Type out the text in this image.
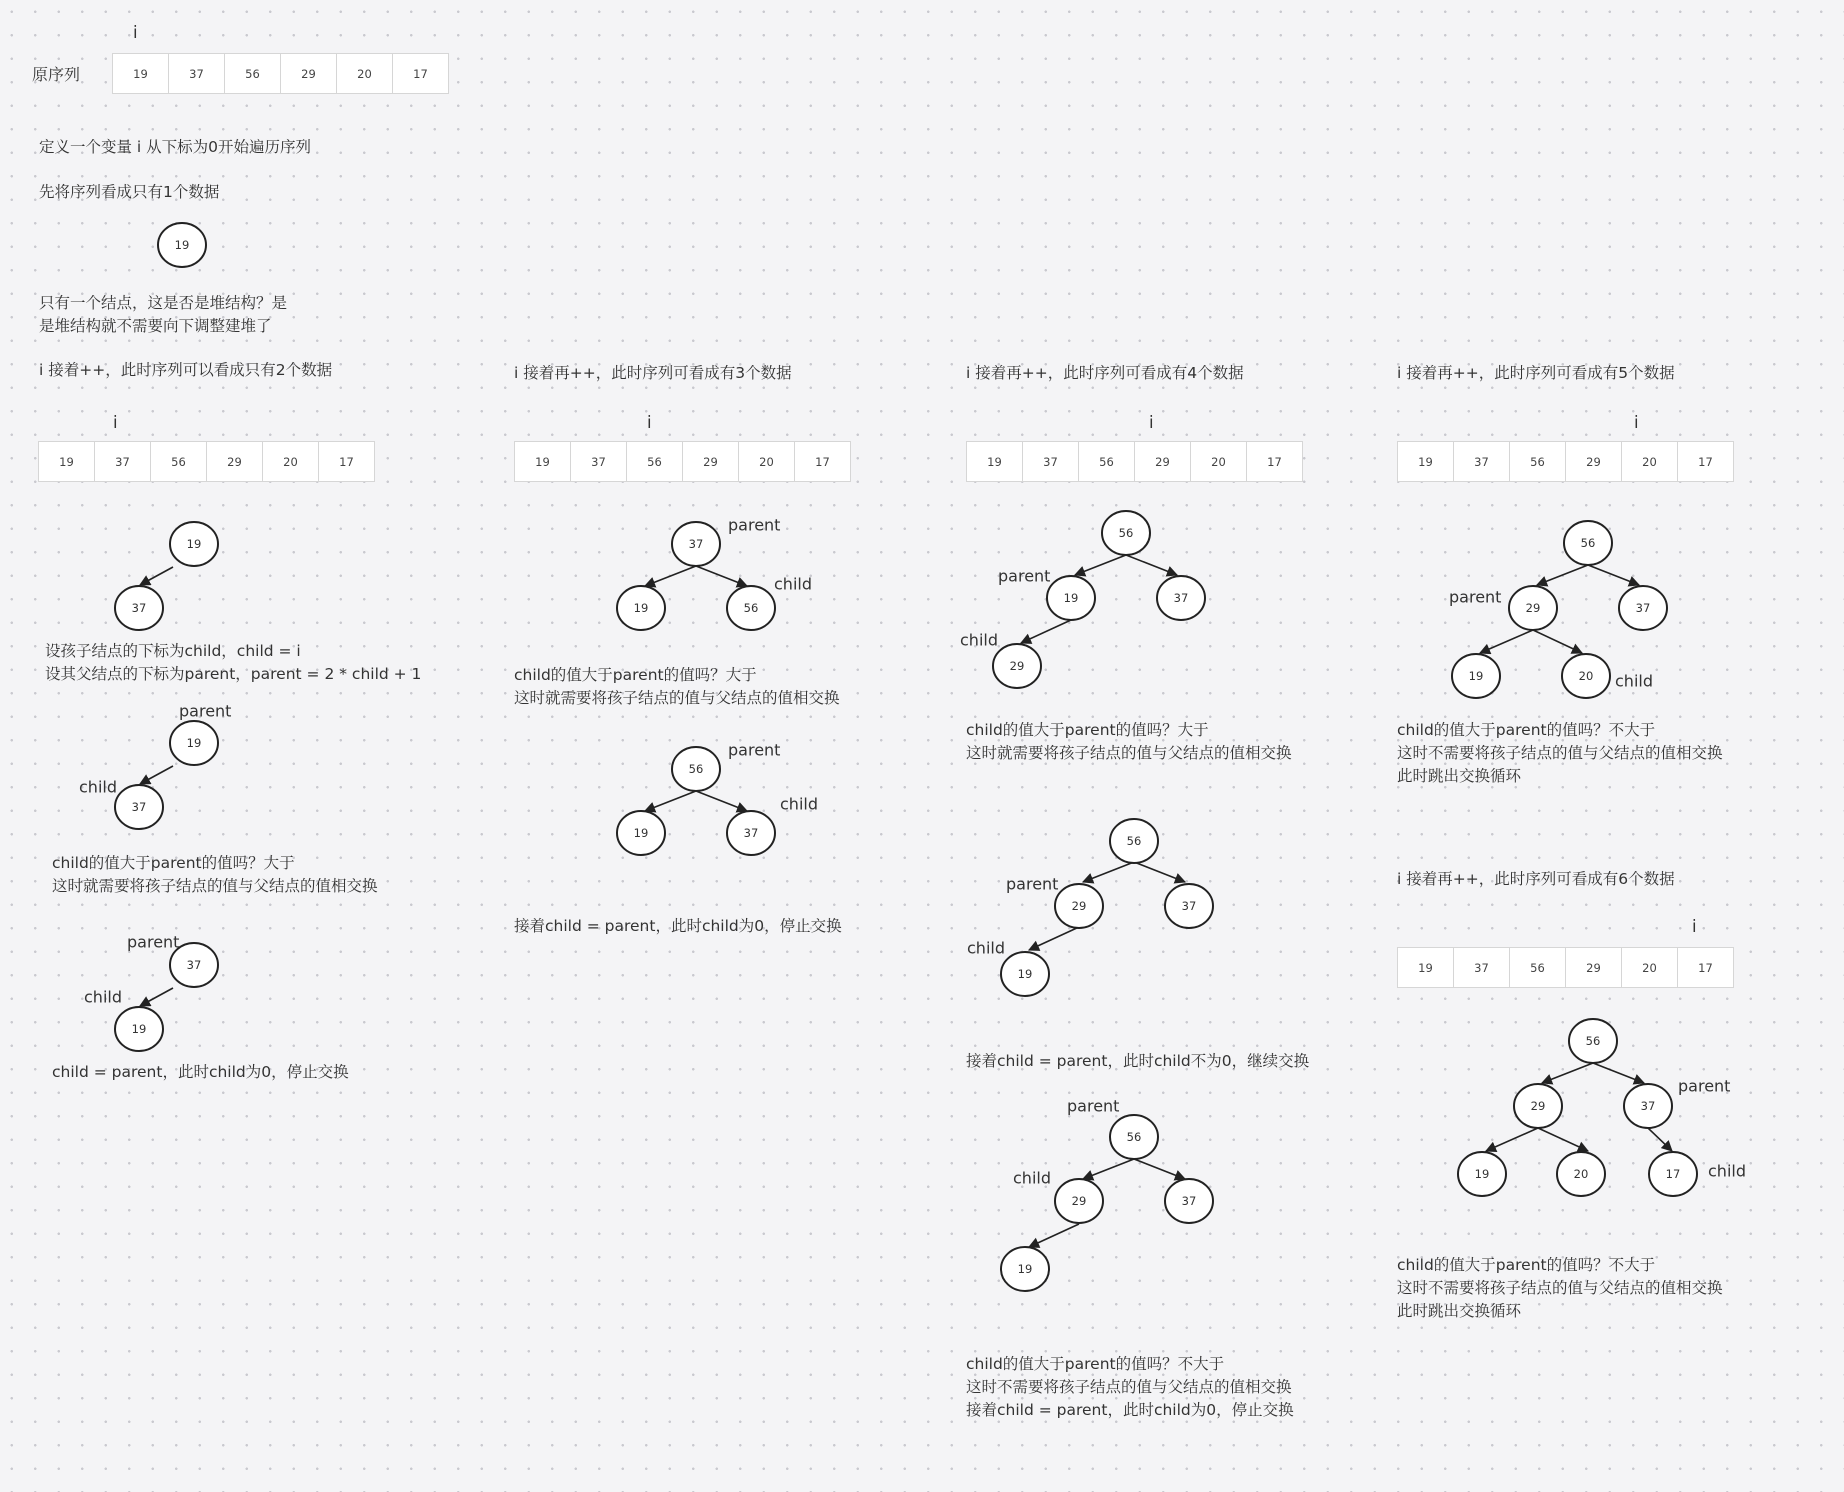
i
原序列	19	37	56	29	20	17
定义一个变量 i 从下标为0开始遍历序列
先将序列看成只有1个数据
只有一个结点，这是否是堆结构？是
是堆结构就不需要向下调整建堆了
i 接着++，此时序列可以看成只有2个数据
设孩子结点的下标为child，child = i
设其父结点的下标为parent，parent = 2 * child + 1
child的值大于parent的值吗？大于
这时就需要将孩子结点的值与父结点的值相交换
child = parent，此时child为0，停止交换
i 接着再++，此时序列可看成有3个数据
child的值大于parent的值吗？大于
这时就需要将孩子结点的值与父结点的值相交换
接着child = parent，此时child为0，停止交换
i 接着再++，此时序列可看成有4个数据
child的值大于parent的值吗？大于
这时就需要将孩子结点的值与父结点的值相交换
接着child = parent，此时child不为0，继续交换
child的值大于parent的值吗？不大于
这时不需要将孩子结点的值与父结点的值相交换
接着child = parent，此时child为0，停止交换
i 接着再++，此时序列可看成有5个数据
child的值大于parent的值吗？不大于
这时不需要将孩子结点的值与父结点的值相交换
此时跳出交换循环
i 接着再++，此时序列可看成有6个数据
child的值大于parent的值吗？不大于
这时不需要将孩子结点的值与父结点的值相交换
此时跳出交换循环
i	i	i	i
i
19	37	56	29	20	17	19	37	56	29	20	17	19	37	56	29	20	17	19	37	56	29	20	17
19	37	56	29	20	17
19
19
37
19
37
37
19
37
19	56
56
19	37
56
19	37
29
56
29	37
19
56
29	37
19
56
29	37
19	20
56
29	37
19	20	17
parent
child
parent
child
parent
child
parent
child
parent
child
parent
child
parent
child
parent
child
parent
child
